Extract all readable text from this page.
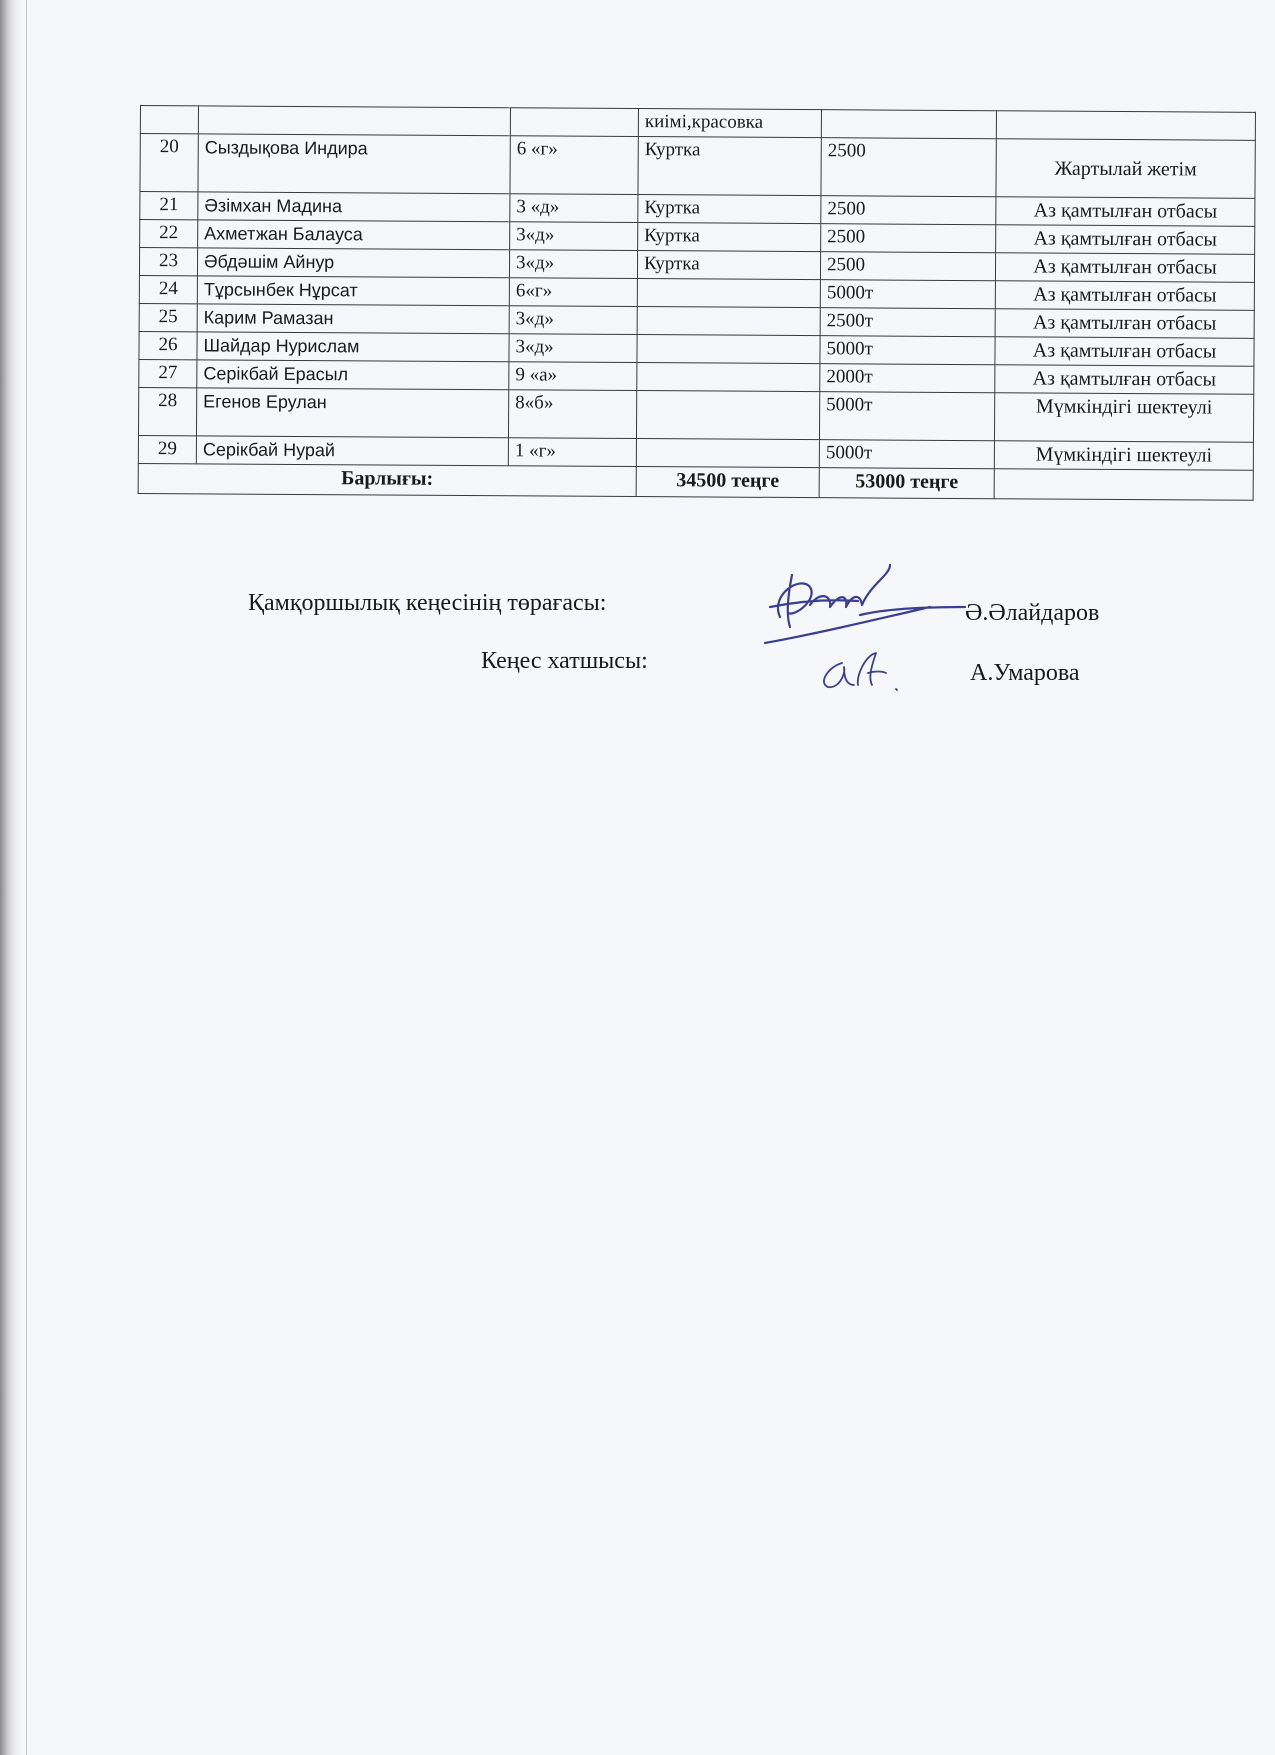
			киімі,красовка		
20	Сыздықова Индира	6 «г»	Куртка	2500	Жартылай жетім
21	Әзімхан Мадина	3 «д»	Куртка	2500	Аз қамтылған отбасы
22	Ахметжан Балауса	3«д»	Куртка	2500	Аз қамтылған отбасы
23	Әбдәшім Айнур	3«д»	Куртка	2500	Аз қамтылған отбасы
24	Тұрсынбек Нұрсат	6«г»		5000т	Аз қамтылған отбасы
25	Карим Рамазан	3«д»		2500т	Аз қамтылған отбасы
26	Шайдар Нурислам	3«д»		5000т	Аз қамтылған отбасы
27	Серікбай Ерасыл	9 «а»		2000т	Аз қамтылған отбасы
28	Егенов Ерулан	8«б»		5000т	Мүмкіндігі шектеулі
29	Серікбай Нурай	1 «г»		5000т	Мүмкіндігі шектеулі
Барлығы:			34500 теңге	53000 теңге	
Қамқоршылық кеңесінің төрағасы:	Ә.Әлайдаров
Кеңес хатшысы:	А.Умарова
